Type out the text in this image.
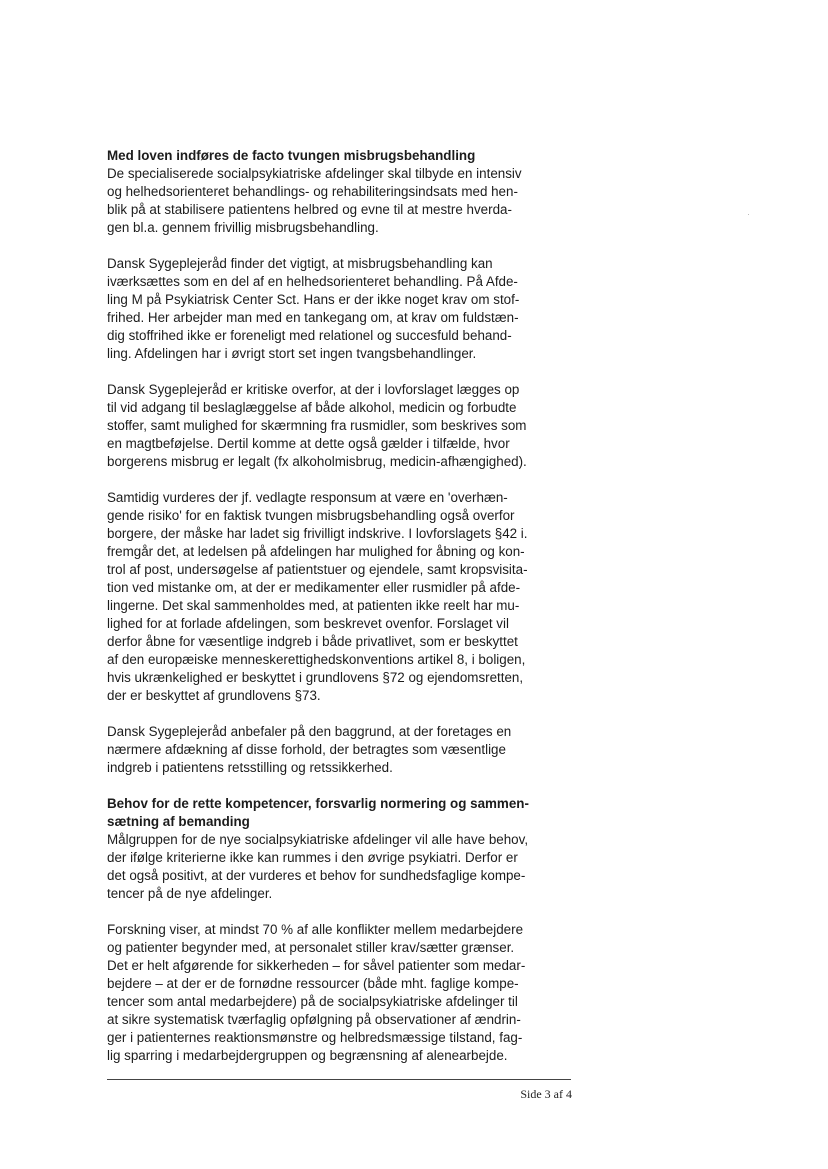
Med loven indføres de facto tvungen misbrugsbehandling
De specialiserede socialpsykiatriske afdelinger skal tilbyde en intensiv
og helhedsorienteret behandlings- og rehabiliteringsindsats med hen-
blik på at stabilisere patientens helbred og evne til at mestre hverda-
gen bl.a. gennem frivillig misbrugsbehandling.
Dansk Sygeplejeråd finder det vigtigt, at misbrugsbehandling kan
iværksættes som en del af en helhedsorienteret behandling. På Afde-
ling M på Psykiatrisk Center Sct. Hans er der ikke noget krav om stof-
frihed. Her arbejder man med en tankegang om, at krav om fuldstæn-
dig stoffrihed ikke er foreneligt med relationel og succesfuld behand-
ling. Afdelingen har i øvrigt stort set ingen tvangsbehandlinger.
Dansk Sygeplejeråd er kritiske overfor, at der i lovforslaget lægges op
til vid adgang til beslaglæggelse af både alkohol, medicin og forbudte
stoffer, samt mulighed for skærmning fra rusmidler, som beskrives som
en magtbeføjelse. Dertil komme at dette også gælder i tilfælde, hvor
borgerens misbrug er legalt (fx alkoholmisbrug, medicin-afhængighed).
Samtidig vurderes der jf. vedlagte responsum at være en 'overhæn-
gende risiko' for en faktisk tvungen misbrugsbehandling også overfor
borgere, der måske har ladet sig frivilligt indskrive. I lovforslagets §42 i.
fremgår det, at ledelsen på afdelingen har mulighed for åbning og kon-
trol af post, undersøgelse af patientstuer og ejendele, samt kropsvisita-
tion ved mistanke om, at der er medikamenter eller rusmidler på afde-
lingerne. Det skal sammenholdes med, at patienten ikke reelt har mu-
lighed for at forlade afdelingen, som beskrevet ovenfor. Forslaget vil
derfor åbne for væsentlige indgreb i både privatlivet, som er beskyttet
af den europæiske menneskerettighedskonventions artikel 8, i boligen,
hvis ukrænkelighed er beskyttet i grundlovens §72 og ejendomsretten,
der er beskyttet af grundlovens §73.
Dansk Sygeplejeråd anbefaler på den baggrund, at der foretages en
nærmere afdækning af disse forhold, der betragtes som væsentlige
indgreb i patientens retsstilling og retssikkerhed.
Behov for de rette kompetencer, forsvarlig normering og sammen-
sætning af bemanding
Målgruppen for de nye socialpsykiatriske afdelinger vil alle have behov,
der ifølge kriterierne ikke kan rummes i den øvrige psykiatri. Derfor er
det også positivt, at der vurderes et behov for sundhedsfaglige kompe-
tencer på de nye afdelinger.
Forskning viser, at mindst 70 % af alle konflikter mellem medarbejdere
og patienter begynder med, at personalet stiller krav/sætter grænser.
Det er helt afgørende for sikkerheden – for såvel patienter som medar-
bejdere – at der er de fornødne ressourcer (både mht. faglige kompe-
tencer som antal medarbejdere) på de socialpsykiatriske afdelinger til
at sikre systematisk tværfaglig opfølgning på observationer af ændrin-
ger i patienternes reaktionsmønstre og helbredsmæssige tilstand, fag-
lig sparring i medarbejdergruppen og begrænsning af alenearbejde.
Side 3 af 4
